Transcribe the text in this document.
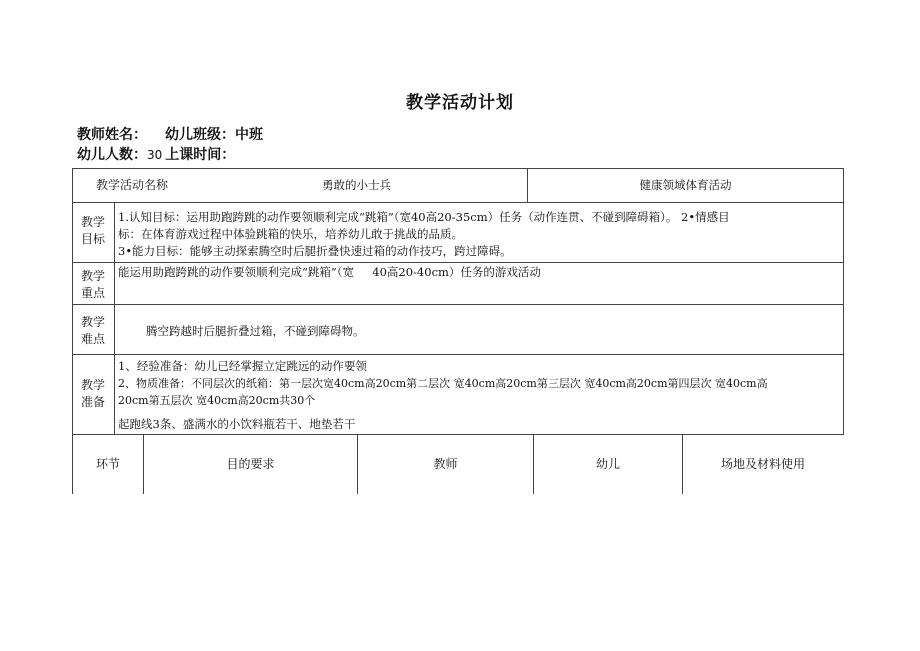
教学活动计划
教师姓名： 幼儿班级：中班
幼儿人数：30 上课时间：
教学活动名称	勇敢的小士兵	健康领域体育活动
教学
目标
1.认知目标：运用助跑跨跳的动作要领顺利完成“跳箱”（宽40高20-35cm）任务（动作连贯、不碰到障碍箱）。 2•情感目
标：在体育游戏过程中体验跳箱的快乐，培养幼儿敢于挑战的品质。
3•能力目标：能够主动探索腾空时后腿折叠快速过箱的动作技巧，跨过障碍。
教学
重点
能运用助跑跨跳的动作要领顺利完成“跳箱”（宽     40高20-40cm）任务的游戏活动
教学
难点
腾空跨越时后腿折叠过箱，不碰到障碍物。
教学
准备
1、经验准备：幼儿已经掌握立定跳远的动作要领
2、物质准备：不同层次的纸箱：第一层次宽40cm高20cm第二层次 宽40cm高20cm第三层次 宽40cm高20cm第四层次 宽40cm高
20cm第五层次 宽40cm高20cm共30个
起跑线3条、盛满水的小饮料瓶若干、地垫若干
环节	目的要求	教师	幼儿	场地及材料使用
